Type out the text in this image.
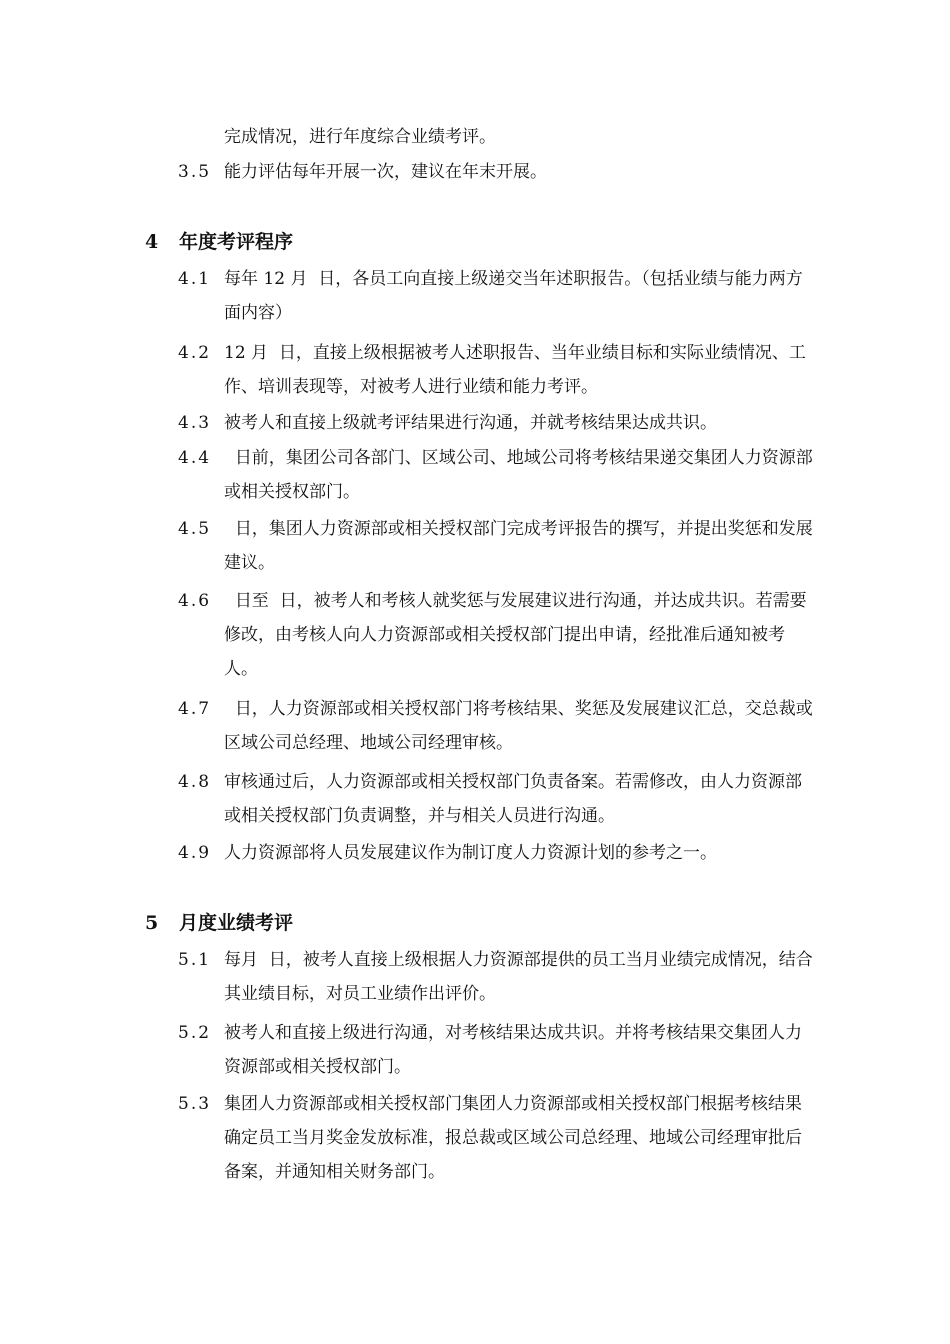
完成情况，进行年度综合业绩考评。
3.5 能力评估每年开展一次，建议在年末开展。
4 年度考评程序
4.1 每年 12 月  日，各员工向直接上级递交当年述职报告。（包括业绩与能力两方面内容）
4.2 12 月  日，直接上级根据被考人述职报告、当年业绩目标和实际业绩情况、工作、培训表现等，对被考人进行业绩和能力考评。
4.3 被考人和直接上级就考评结果进行沟通，并就考核结果达成共识。
4.4 日前，集团公司各部门、区域公司、地域公司将考核结果递交集团人力资源部或相关授权部门。
4.5 日，集团人力资源部或相关授权部门完成考评报告的撰写，并提出奖惩和发展建议。
4.6 日至  日，被考人和考核人就奖惩与发展建议进行沟通，并达成共识。若需要修改，由考核人向人力资源部或相关授权部门提出申请，经批准后通知被考人。
4.7 日，人力资源部或相关授权部门将考核结果、奖惩及发展建议汇总，交总裁或区域公司总经理、地域公司经理审核。
4.8 审核通过后，人力资源部或相关授权部门负责备案。若需修改，由人力资源部或相关授权部门负责调整，并与相关人员进行沟通。
4.9 人力资源部将人员发展建议作为制订度人力资源计划的参考之一。
5 月度业绩考评
5.1 每月  日，被考人直接上级根据人力资源部提供的员工当月业绩完成情况，结合其业绩目标，对员工业绩作出评价。
5.2 被考人和直接上级进行沟通，对考核结果达成共识。并将考核结果交集团人力资源部或相关授权部门。
5.3 集团人力资源部或相关授权部门集团人力资源部或相关授权部门根据考核结果确定员工当月奖金发放标准，报总裁或区域公司总经理、地域公司经理审批后备案，并通知相关财务部门。
